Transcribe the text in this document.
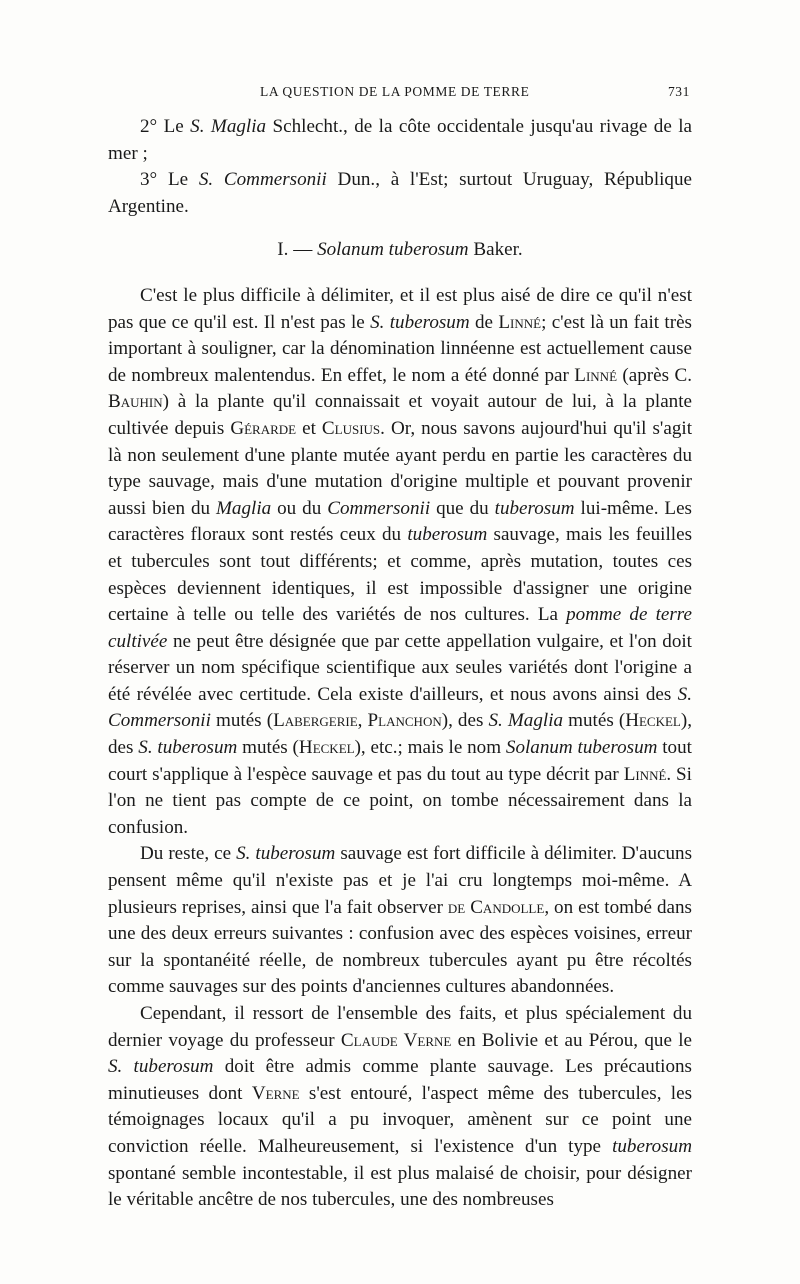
LA QUESTION DE LA POMME DE TERRE	731

2° Le S. Maglia Schlecht., de la côte occidentale jusqu'au rivage de la mer ;

3° Le S. Commersonii Dun., à l'Est; surtout Uruguay, République Argentine.

I. — Solanum tuberosum Baker.

C'est le plus difficile à délimiter, et il est plus aisé de dire ce qu'il n'est pas que ce qu'il est. Il n'est pas le S. tuberosum de Linné; c'est là un fait très important à souligner, car la dénomination linnéenne est actuellement cause de nombreux malentendus. En effet, le nom a été donné par Linné (après C. Bauhin) à la plante qu'il connaissait et voyait autour de lui, à la plante cultivée depuis Gérarde et Clusius. Or, nous savons aujourd'hui qu'il s'agit là non seulement d'une plante mutée ayant perdu en partie les caractères du type sauvage, mais d'une mutation d'origine multiple et pouvant provenir aussi bien du Maglia ou du Commersonii que du tuberosum lui-même. Les caractères floraux sont restés ceux du tuberosum sauvage, mais les feuilles et tubercules sont tout différents; et comme, après mutation, toutes ces espèces deviennent identiques, il est impossible d'assigner une origine certaine à telle ou telle des variétés de nos cultures. La pomme de terre cultivée ne peut être désignée que par cette appellation vulgaire, et l'on doit réserver un nom spécifique scientifique aux seules variétés dont l'origine a été révélée avec certitude. Cela existe d'ailleurs, et nous avons ainsi des S. Commersonii mutés (Labergerie, Planchon), des S. Maglia mutés (Heckel), des S. tuberosum mutés (Heckel), etc.; mais le nom Solanum tuberosum tout court s'applique à l'espèce sauvage et pas du tout au type décrit par Linné. Si l'on ne tient pas compte de ce point, on tombe nécessairement dans la confusion.

Du reste, ce S. tuberosum sauvage est fort difficile à délimiter. D'aucuns pensent même qu'il n'existe pas et je l'ai cru longtemps moi-même. A plusieurs reprises, ainsi que l'a fait observer de Candolle, on est tombé dans une des deux erreurs suivantes : confusion avec des espèces voisines, erreur sur la spontanéité réelle, de nombreux tubercules ayant pu être récoltés comme sauvages sur des points d'anciennes cultures abandonnées.

Cependant, il ressort de l'ensemble des faits, et plus spécialement du dernier voyage du professeur Claude Verne en Bolivie et au Pérou, que le S. tuberosum doit être admis comme plante sauvage. Les précautions minutieuses dont Verne s'est entouré, l'aspect même des tubercules, les témoignages locaux qu'il a pu invoquer, amènent sur ce point une conviction réelle. Malheureusement, si l'existence d'un type tuberosum spontané semble incontestable, il est plus malaisé de choisir, pour désigner le véritable ancêtre de nos tubercules, une des nombreuses
